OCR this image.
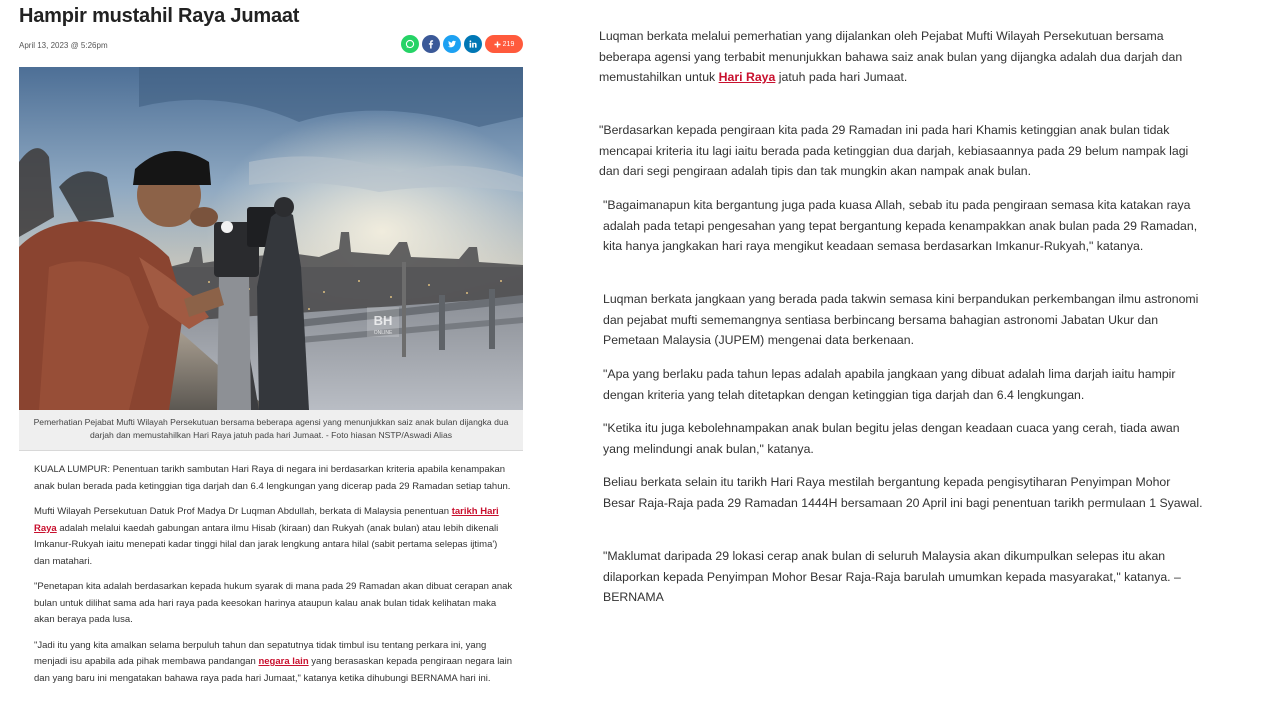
Hampir mustahil Raya Jumaat
April 13, 2023 @ 5:26pm	219
BH
ONLINE
Pemerhatian Pejabat Mufti Wilayah Persekutuan bersama beberapa agensi yang menunjukkan saiz anak bulan dijangka dua darjah dan memustahilkan Hari Raya jatuh pada hari Jumaat. - Foto hiasan NSTP/Aswadi Alias

KUALA LUMPUR: Penentuan tarikh sambutan Hari Raya di negara ini berdasarkan kriteria apabila kenampakan anak bulan berada pada ketinggian tiga darjah dan 6.4 lengkungan yang dicerap pada 29 Ramadan setiap tahun.

Mufti Wilayah Persekutuan Datuk Prof Madya Dr Luqman Abdullah, berkata di Malaysia penentuan tarikh Hari Raya adalah melalui kaedah gabungan antara ilmu Hisab (kiraan) dan Rukyah (anak bulan) atau lebih dikenali Imkanur-Rukyah iaitu menepati kadar tinggi hilal dan jarak lengkung antara hilal (sabit pertama selepas ijtima') dan matahari.

"Penetapan kita adalah berdasarkan kepada hukum syarak di mana pada 29 Ramadan akan dibuat cerapan anak bulan untuk dilihat sama ada hari raya pada keesokan harinya ataupun kalau anak bulan tidak kelihatan maka akan beraya pada lusa.

"Jadi itu yang kita amalkan selama berpuluh tahun dan sepatutnya tidak timbul isu tentang perkara ini, yang menjadi isu apabila ada pihak membawa pandangan negara lain yang berasaskan kepada pengiraan negara lain dan yang baru ini mengatakan bahawa raya pada hari Jumaat," katanya ketika dihubungi BERNAMA hari ini.

Luqman berkata melalui pemerhatian yang dijalankan oleh Pejabat Mufti Wilayah Persekutuan bersama beberapa agensi yang terbabit menunjukkan bahawa saiz anak bulan yang dijangka adalah dua darjah dan memustahilkan untuk Hari Raya jatuh pada hari Jumaat.

"Berdasarkan kepada pengiraan kita pada 29 Ramadan ini pada hari Khamis ketinggian anak bulan tidak mencapai kriteria itu lagi iaitu berada pada ketinggian dua darjah, kebiasaannya pada 29 belum nampak lagi dan dari segi pengiraan adalah tipis dan tak mungkin akan nampak anak bulan.

"Bagaimanapun kita bergantung juga pada kuasa Allah, sebab itu pada pengiraan semasa kita katakan raya adalah pada tetapi pengesahan yang tepat bergantung kepada kenampakkan anak bulan pada 29 Ramadan, kita hanya jangkakan hari raya mengikut keadaan semasa berdasarkan Imkanur-Rukyah," katanya.

Luqman berkata jangkaan yang berada pada takwin semasa kini berpandukan perkembangan ilmu astronomi dan pejabat mufti sememangnya sentiasa berbincang bersama bahagian astronomi Jabatan Ukur dan Pemetaan Malaysia (JUPEM) mengenai data berkenaan.

"Apa yang berlaku pada tahun lepas adalah apabila jangkaan yang dibuat adalah lima darjah iaitu hampir dengan kriteria yang telah ditetapkan dengan ketinggian tiga darjah dan 6.4 lengkungan.

"Ketika itu juga kebolehnampakan anak bulan begitu jelas dengan keadaan cuaca yang cerah, tiada awan yang melindungi anak bulan," katanya.

Beliau berkata selain itu tarikh Hari Raya mestilah bergantung kepada pengisytiharan Penyimpan Mohor Besar Raja-Raja pada 29 Ramadan 1444H bersamaan 20 April ini bagi penentuan tarikh permulaan 1 Syawal.

"Maklumat daripada 29 lokasi cerap anak bulan di seluruh Malaysia akan dikumpulkan selepas itu akan dilaporkan kepada Penyimpan Mohor Besar Raja-Raja barulah umumkan kepada masyarakat," katanya. – BERNAMA
